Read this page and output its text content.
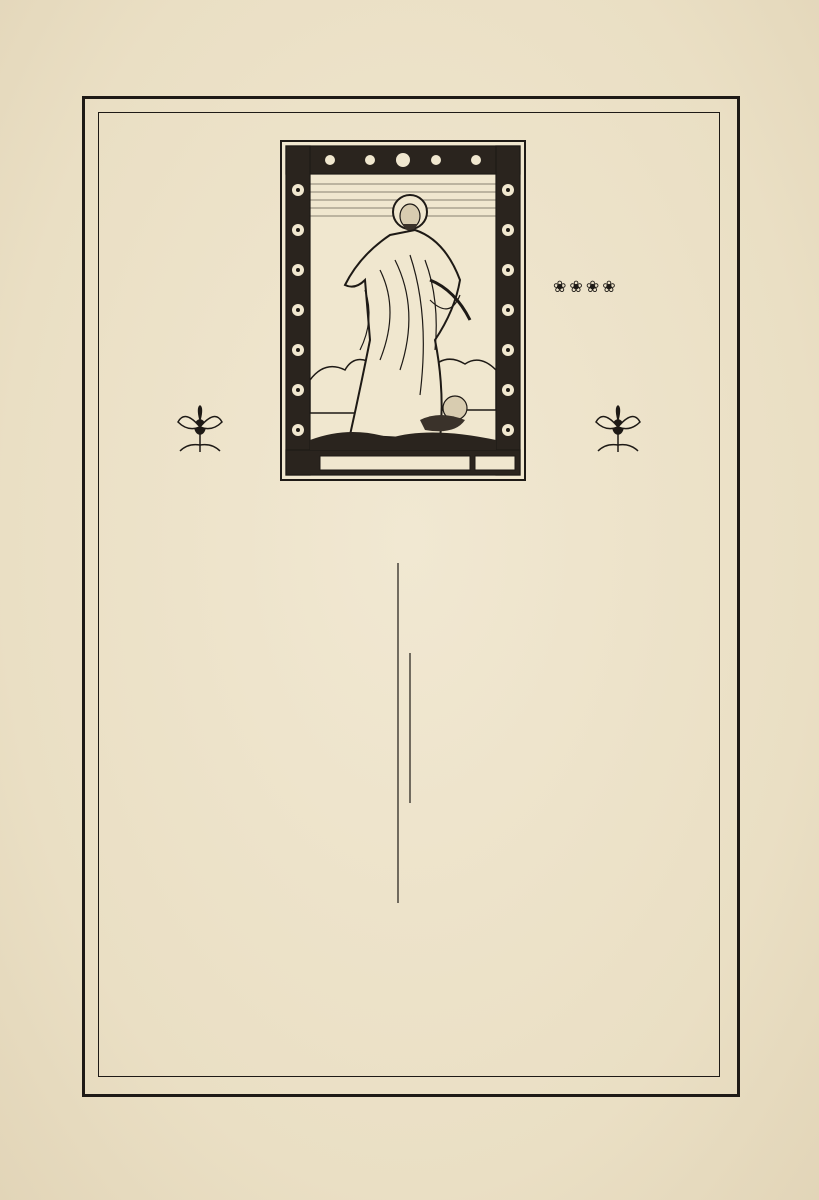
❀❀❀❀
